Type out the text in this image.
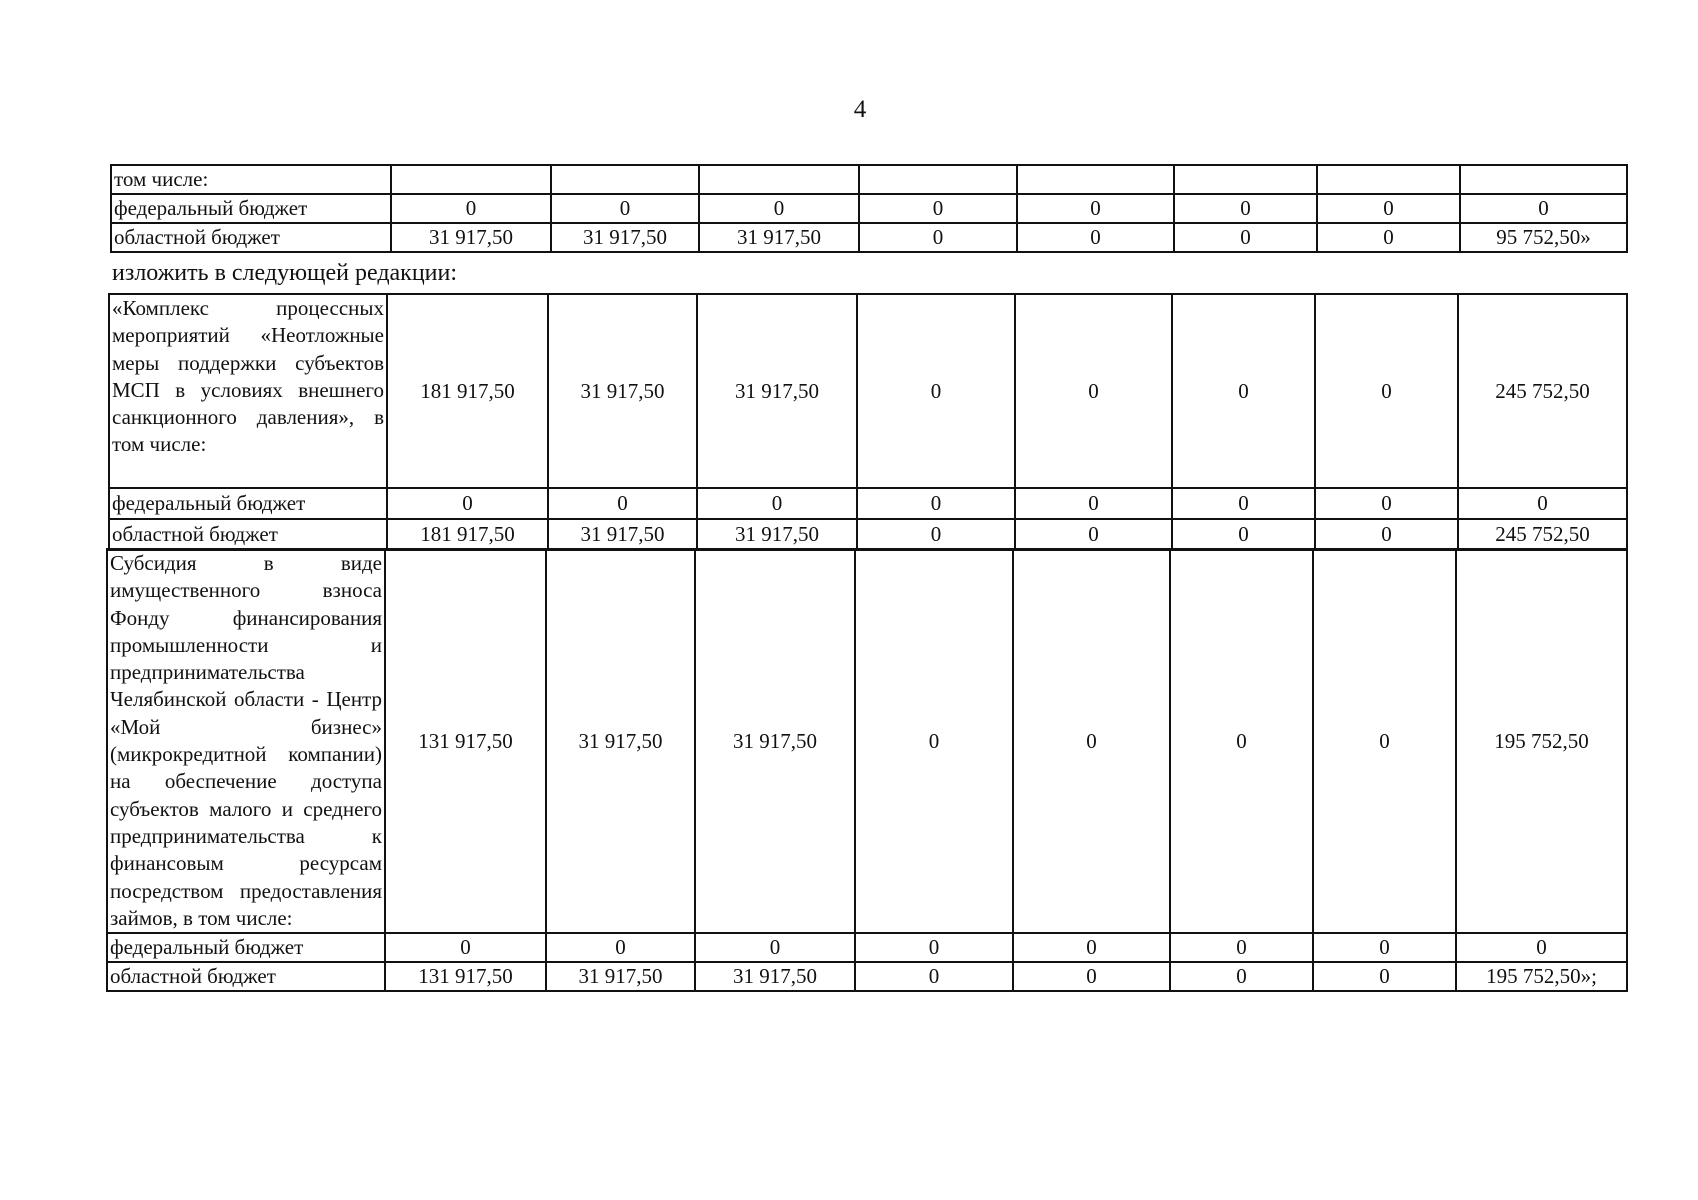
4
том числе:								
федеральный бюджет	0	0	0	0	0	0	0	0
областной бюджет	31 917,50	31 917,50	31 917,50	0	0	0	0	95 752,50»
изложить в следующей редакции:
«Комплекс процессных мероприятий «Неотложные меры поддержки субъектов МСП в условиях внешнего санкционного давления», в том числе:	181 917,50	31 917,50	31 917,50	0	0	0	0	245 752,50
федеральный бюджет	0	0	0	0	0	0	0	0
областной бюджет	181 917,50	31 917,50	31 917,50	0	0	0	0	245 752,50
Субсидия в виде имущественного взноса Фонду финансирования промышленности и предпринимательства Челябинской области - Центр «Мой бизнес» (микрокредитной компании) на обеспечение доступа субъектов малого и среднего предпринимательства к финансовым ресурсам посредством предоставления займов, в том числе:	131 917,50	31 917,50	31 917,50	0	0	0	0	195 752,50
федеральный бюджет	0	0	0	0	0	0	0	0
областной бюджет	131 917,50	31 917,50	31 917,50	0	0	0	0	195 752,50»;
